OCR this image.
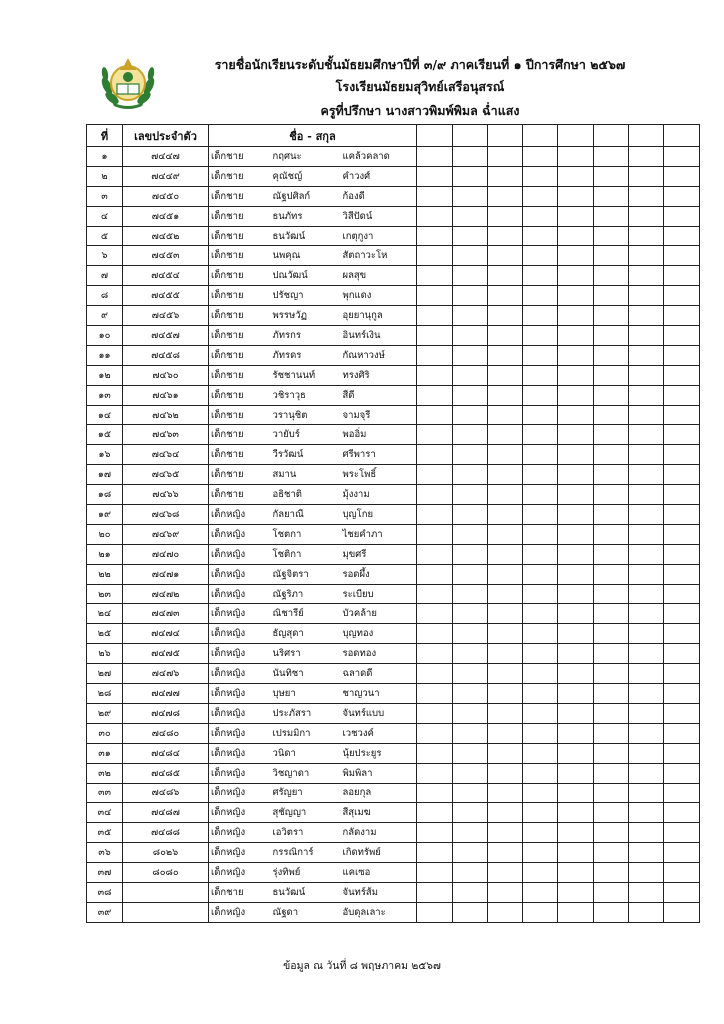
รายชื่อนักเรียนระดับชั้นมัธยมศึกษาปีที่ ๓/๙ ภาคเรียนที่ ๑ ปีการศึกษา ๒๕๖๗
โรงเรียนมัธยมสุวิทย์เสรีอนุสรณ์
ครูที่ปรึกษา นางสาวพิมพ์พิมล ฉ่ำแสง
ที่	เลขประจำตัว	ชื่อ - สกุล										
๑	๗๔๔๗	เด็กชาย	กฤศนะ	แคล้วคลาด								
๒	๗๔๔๙	เด็กชาย	คุณัชญ์	คำวงศ์								
๓	๗๔๕๐	เด็กชาย	ณัฐปศิลก์	ก้องดี								
๔	๗๔๕๑	เด็กชาย	ธนภัทร	วิสีปัดน์								
๕	๗๔๕๒	เด็กชาย	ธนวัฒน์	เกตุกูงา								
๖	๗๔๕๓	เด็กชาย	นพคุณ	สัตถาวะโห								
๗	๗๔๕๔	เด็กชาย	ปณวัฒน์	ผลสุข								
๘	๗๔๕๕	เด็กชาย	ปรัชญา	พุกแดง								
๙	๗๔๕๖	เด็กชาย	พรรษวัฏ	อุยยานุกูล								
๑๐	๗๔๕๗	เด็กชาย	ภัทรกร	อินทร์เงิน								
๑๑	๗๔๕๘	เด็กชาย	ภัทรดร	กัณหาวงษ์								
๑๒	๗๔๖๐	เด็กชาย	รัชชานนท์	ทรงศิริ								
๑๓	๗๔๖๑	เด็กชาย	วชิราวุธ	สีดี								
๑๔	๗๔๖๒	เด็กชาย	วรานุชิต	จามจุรี								
๑๕	๗๔๖๓	เด็กชาย	วายับร์	พออิ่ม								
๑๖	๗๔๖๔	เด็กชาย	วีรวัฒน์	ศรีพารา								
๑๗	๗๔๖๕	เด็กชาย	สมาน	พระโพธิ์								
๑๘	๗๔๖๖	เด็กชาย	อธิชาติ	มุ้งงาม								
๑๙	๗๔๖๘	เด็กหญิง	กัลยาณี	บุญโกย								
๒๐	๗๔๖๙	เด็กหญิง	โชตกา	ไชยคำภา								
๒๑	๗๔๗๐	เด็กหญิง	โชติกา	มุขศรี								
๒๒	๗๔๗๑	เด็กหญิง	ณัฐจิตรา	รอดผึ้ง								
๒๓	๗๔๗๒	เด็กหญิง	ณัฐริภา	ระเบียบ								
๒๔	๗๔๗๓	เด็กหญิง	ณิชารีย์	บัวคล้าย								
๒๕	๗๔๗๔	เด็กหญิง	ธัญสุดา	บุญทอง								
๒๖	๗๔๗๕	เด็กหญิง	นริศรา	รอดทอง								
๒๗	๗๔๗๖	เด็กหญิง	นันทิชา	ฉลาดดี								
๒๘	๗๔๗๗	เด็กหญิง	บุษยา	ชาญวนา								
๒๙	๗๔๗๘	เด็กหญิง	ประภัสรา	จันทร์แบบ								
๓๐	๗๔๘๐	เด็กหญิง	เปรมมิกา	เวชวงค์								
๓๑	๗๔๘๔	เด็กหญิง	วนิดา	นุ้ยประยูร								
๓๒	๗๔๘๕	เด็กหญิง	วิชญาดา	พิมพิลา								
๓๓	๗๔๘๖	เด็กหญิง	ศรัญยา	ลอยกุล								
๓๔	๗๔๘๗	เด็กหญิง	สุชัญญา	สีสุเมฆ								
๓๕	๗๔๘๘	เด็กหญิง	เอวิตรา	กลัดงาม								
๓๖	๘๐๒๖	เด็กหญิง	กรรณิการ์	เกิดทรัพย์								
๓๗	๘๐๘๐	เด็กหญิง	รุ่งทิพย์	แคเซอ								
๓๘		เด็กชาย	ธนวัฒน์	จันทร์ส้ม								
๓๙		เด็กหญิง	ณัฐดา	อับดุลเลาะ								
ข้อมูล ณ วันที่ ๘ พฤษภาคม ๒๕๖๗
